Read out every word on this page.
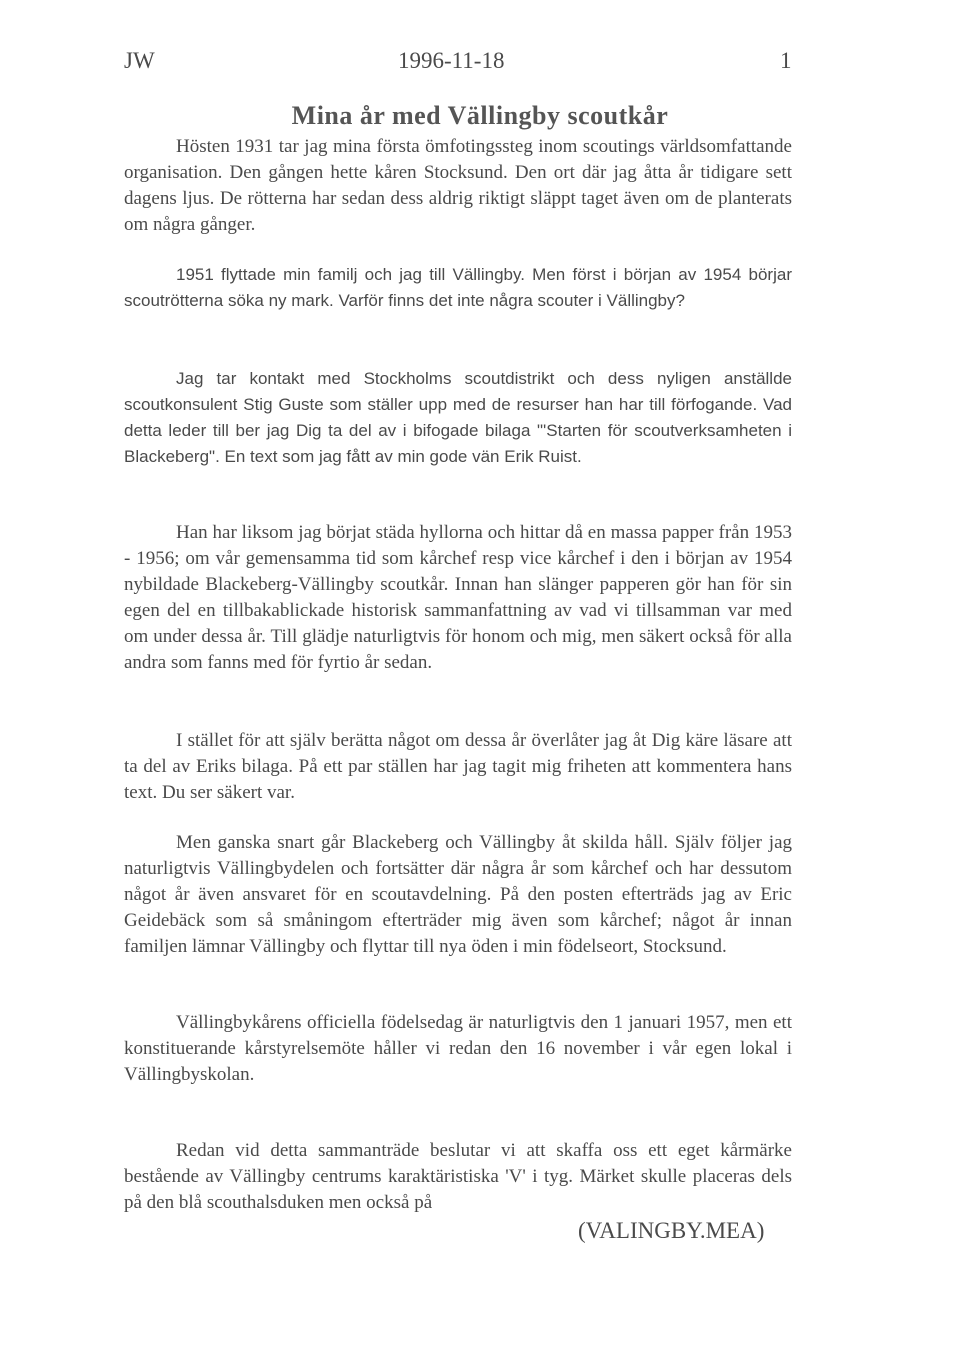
JW	1996-11-18	1
Mina år med Vällingby scoutkår

Hösten 1931 tar jag mina första ömfotingssteg inom scoutings världsomfattande organisation. Den gången hette kåren Stocksund. Den ort där jag åtta år tidigare sett dagens ljus. De rötterna har sedan dess aldrig riktigt släppt taget även om de planterats om några gånger.

1951 flyttade min familj och jag till Vällingby. Men först i början av 1954 börjar scoutrötterna söka ny mark. Varför finns det inte några scouter i Vällingby?

Jag tar kontakt med Stockholms scoutdistrikt och dess nyligen anställde scoutkonsulent Stig Guste som ställer upp med de resurser han har till förfogande. Vad detta leder till ber jag Dig ta del av i bifogade bilaga "'Starten för scoutverksamheten i Blackeberg". En text som jag fått av min gode vän Erik Ruist.

Han har liksom jag börjat städa hyllorna och hittar då en massa papper från 1953 - 1956; om vår gemensamma tid som kårchef resp vice kårchef i den i början av 1954 nybildade Blackeberg-Vällingby scoutkår. Innan han slänger papperen gör han för sin egen del en tillbakablickade historisk sammanfattning av vad vi tillsamman var med om under dessa år. Till glädje naturligtvis för honom och mig, men säkert också för alla andra som fanns med för fyrtio år sedan.

I stället för att själv berätta något om dessa år överlåter jag åt Dig käre läsare att ta del av Eriks bilaga. På ett par ställen har jag tagit mig friheten att kommentera hans text. Du ser säkert var.

Men ganska snart går Blackeberg och Vällingby åt skilda håll. Själv följer jag naturligtvis Vällingbydelen och fortsätter där några år som kårchef och har dessutom något år även ansvaret för en scoutavdelning. På den posten efterträds jag av Eric Geidebäck som så småningom efterträder mig även som kårchef; något år innan familjen lämnar Vällingby och flyttar till nya öden i min födelseort, Stocksund.

Vällingbykårens officiella födelsedag är naturligtvis den 1 januari 1957, men ett konstituerande kårstyrelsemöte håller vi redan den 16 november i vår egen lokal i Vällingbyskolan.

Redan vid detta sammanträde beslutar vi att skaffa oss ett eget kårmärke bestående av Vällingby centrums karaktäristiska 'V' i tyg. Märket skulle placeras dels på den blå scouthalsduken men också på

(VALINGBY.MEA)
